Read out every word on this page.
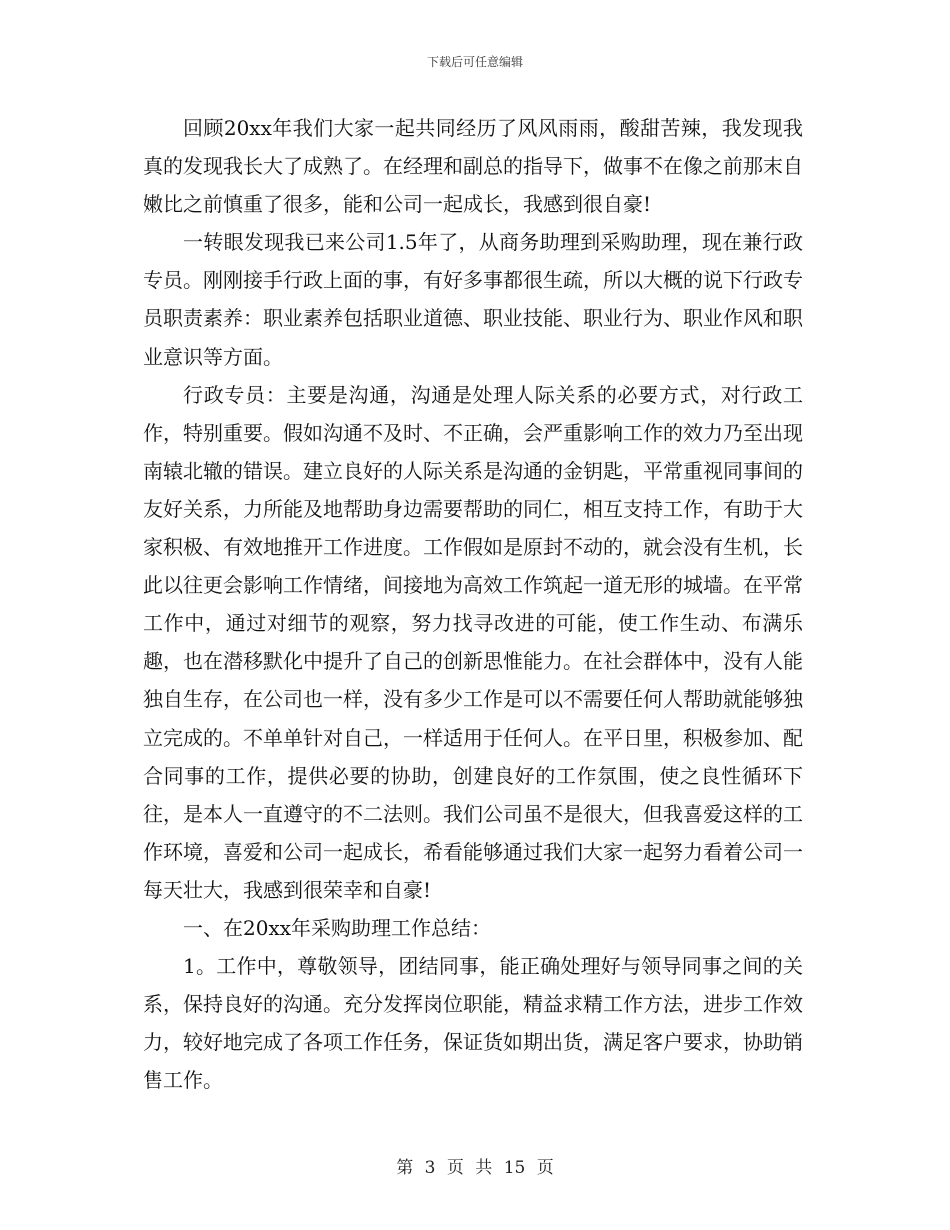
下载后可任意编辑

回顾20xx年我们大家一起共同经历了风风雨雨，酸甜苦辣，我发现我真的发现我长大了成熟了。在经理和副总的指导下，做事不在像之前那末自嫩比之前慎重了很多，能和公司一起成长，我感到很自豪!

一转眼发现我已来公司1.5年了，从商务助理到采购助理，现在兼行政专员。刚刚接手行政上面的事，有好多事都很生疏，所以大概的说下行政专员职责素养：职业素养包括职业道德、职业技能、职业行为、职业作风和职业意识等方面。

行政专员：主要是沟通，沟通是处理人际关系的必要方式，对行政工作，特别重要。假如沟通不及时、不正确，会严重影响工作的效力乃至出现南辕北辙的错误。建立良好的人际关系是沟通的金钥匙，平常重视同事间的友好关系，力所能及地帮助身边需要帮助的同仁，相互支持工作，有助于大家积极、有效地推开工作进度。工作假如是原封不动的，就会没有生机，长此以往更会影响工作情绪，间接地为高效工作筑起一道无形的城墙。在平常工作中，通过对细节的观察，努力找寻改进的可能，使工作生动、布满乐趣，也在潜移默化中提升了自己的创新思惟能力。在社会群体中，没有人能独自生存，在公司也一样，没有多少工作是可以不需要任何人帮助就能够独立完成的。不单单针对自己，一样适用于任何人。在平日里，积极参加、配合同事的工作，提供必要的协助，创建良好的工作氛围，使之良性循环下往，是本人一直遵守的不二法则。我们公司虽不是很大，但我喜爱这样的工作环境，喜爱和公司一起成长，希看能够通过我们大家一起努力看着公司一每天壮大，我感到很荣幸和自豪!

一、在20xx年采购助理工作总结：

1。工作中，尊敬领导，团结同事，能正确处理好与领导同事之间的关系，保持良好的沟通。充分发挥岗位职能，精益求精工作方法，进步工作效力，较好地完成了各项工作任务，保证货如期出货，满足客户要求，协助销售工作。

第 3 页 共 15 页
